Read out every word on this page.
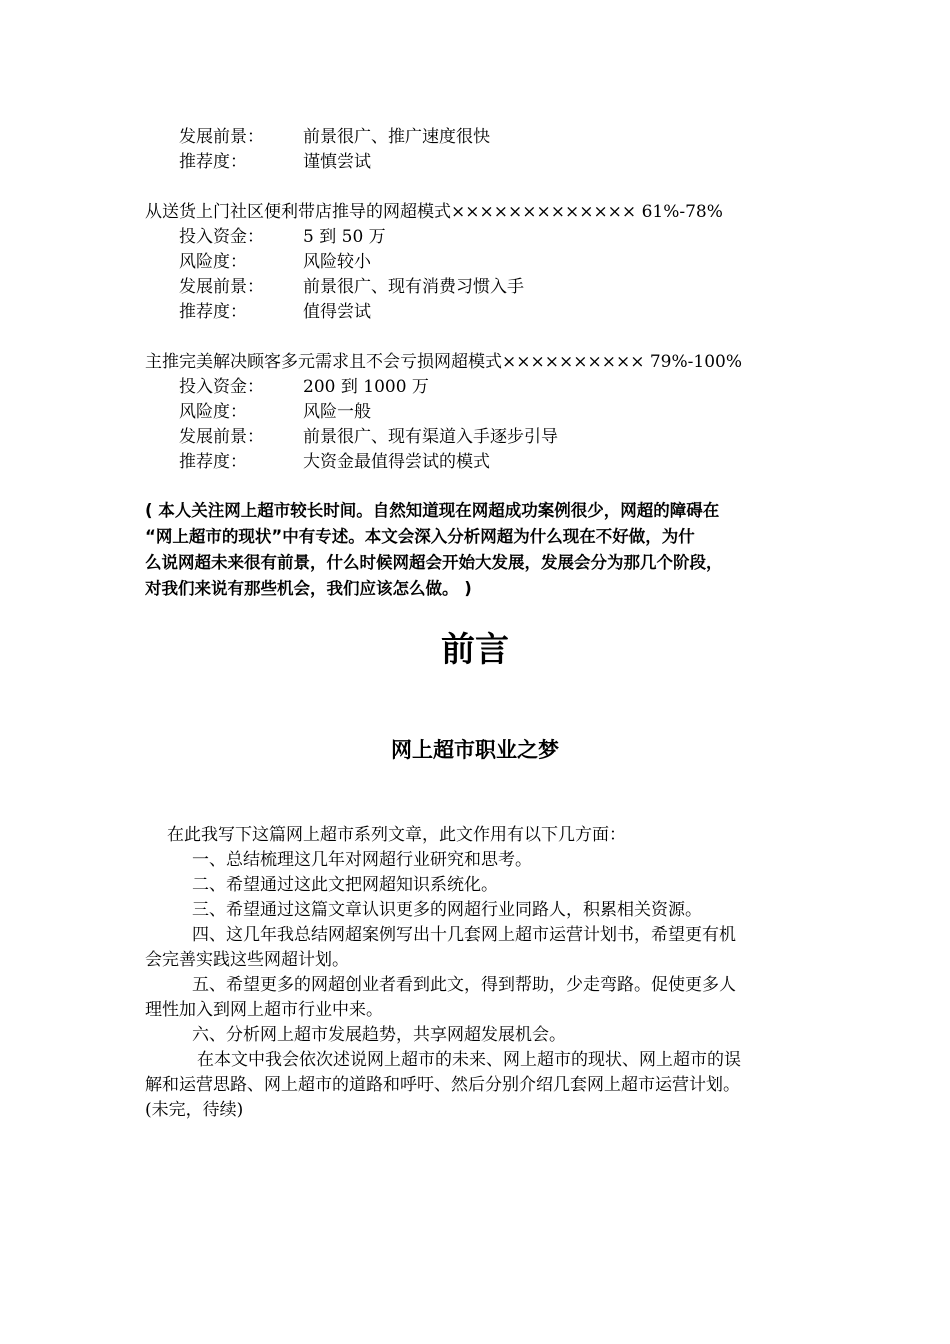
发展前景： 前景很广、推广速度很快
推荐度：	谨慎尝试
从送货上门社区便利带店推导的网超模式××××××××××××× 61%-78%
投入资金： 5 到 50 万
风险度：	风险较小
发展前景： 前景很广、现有消费习惯入手
推荐度：	值得尝试
主推完美解决顾客多元需求且不会亏损网超模式×××××××××× 79%-100%
投入资金： 200 到 1000 万
风险度：	风险一般
发展前景： 前景很广、现有渠道入手逐步引导
推荐度：	大资金最值得尝试的模式

( 本人关注网上超市较长时间。自然知道现在网超成功案例很少，网超的障碍在

“网上超市的现状”中有专述。本文会深入分析网超为什么现在不好做，为什

么说网超未来很有前景，什么时候网超会开始大发展，发展会分为那几个阶段，

对我们来说有那些机会，我们应该怎么做。 )

前言
网上超市职业之梦
在此我写下这篇网上超市系列文章，此文作用有以下几方面：
一、总结梳理这几年对网超行业研究和思考。
二、希望通过这此文把网超知识系统化。
三、希望通过这篇文章认识更多的网超行业同路人，积累相关资源。
四、这几年我总结网超案例写出十几套网上超市运营计划书，希望更有机
会完善实践这些网超计划。
五、希望更多的网超创业者看到此文，得到帮助，少走弯路。促使更多人
理性加入到网上超市行业中来。
六、分析网上超市发展趋势，共享网超发展机会。
在本文中我会依次述说网上超市的未来、网上超市的现状、网上超市的误
解和运营思路、网上超市的道路和呼吁、然后分别介绍几套网上超市运营计划。
(未完，待续)
